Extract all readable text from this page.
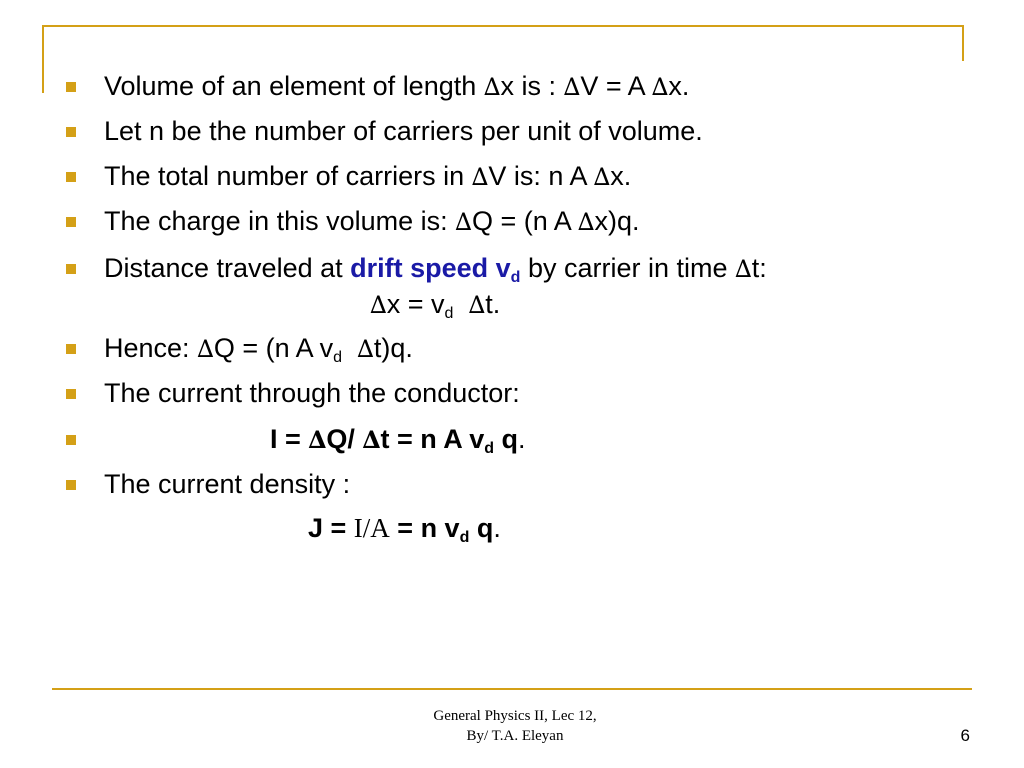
Volume of an element of length ∆x is : ∆V = A ∆x.
Let n be the number of carriers per unit of volume.
The total number of carriers in ∆V is: n A ∆x.
The charge in this volume is: ∆Q = (n A ∆x)q.
Distance traveled at drift speed $v_d$ by carrier in time ∆t:
$\Delta x = v_d$ ∆t.
Hence: ∆Q = (n A $v_d$ ∆t)q.
The current through the conductor:
I = ∆Q/ ∆t = n A $v_d$ q.
The current density :
J = I/A = n $v_d$ q.
General Physics II, Lec 12,
By/ T.A. Eleyan	6
